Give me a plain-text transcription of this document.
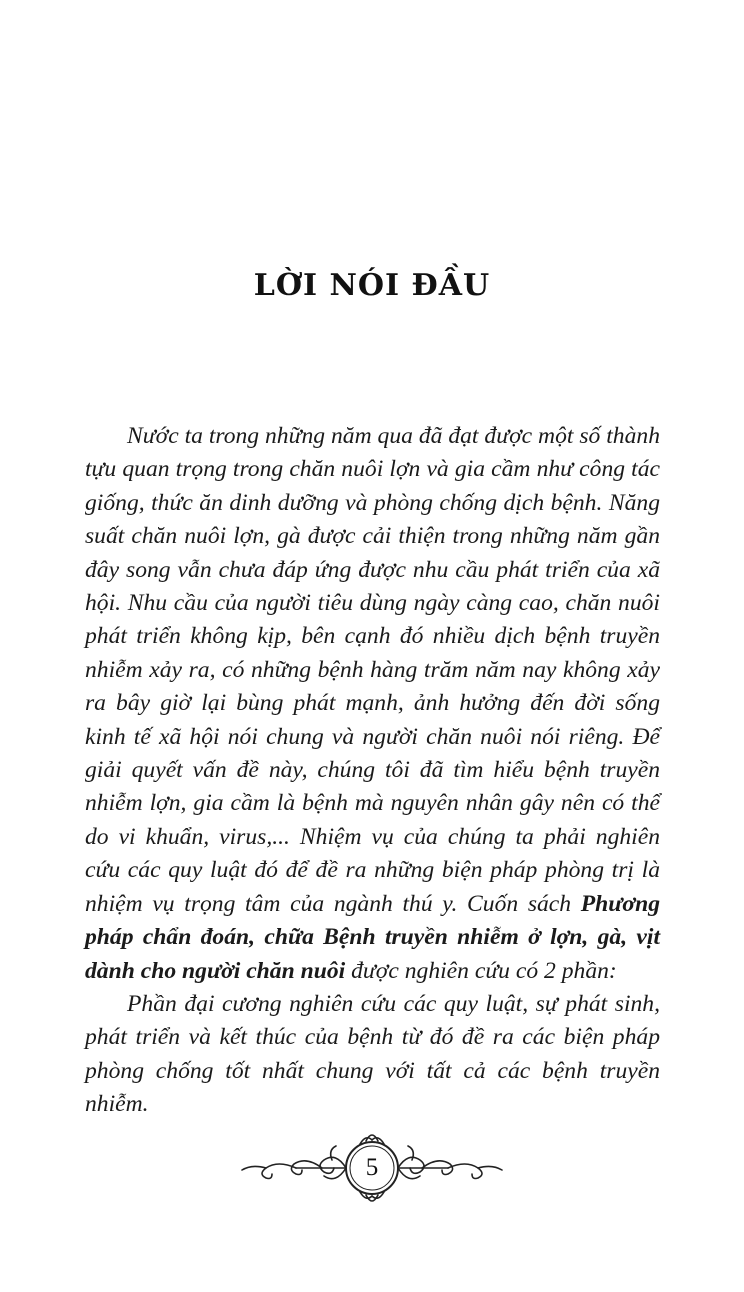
LỜI NÓI ĐẦU

Nước ta trong những năm qua đã đạt được một số thành tựu quan trọng trong chăn nuôi lợn và gia cầm như công tác giống, thức ăn dinh dưỡng và phòng chống dịch bệnh. Năng suất chăn nuôi lợn, gà được cải thiện trong những năm gần đây song vẫn chưa đáp ứng được nhu cầu phát triển của xã hội. Nhu cầu của người tiêu dùng ngày càng cao, chăn nuôi phát triển không kịp, bên cạnh đó nhiều dịch bệnh truyền nhiễm xảy ra, có những bệnh hàng trăm năm nay không xảy ra bây giờ lại bùng phát mạnh, ảnh hưởng đến đời sống kinh tế xã hội nói chung và người chăn nuôi nói riêng. Để giải quyết vấn đề này, chúng tôi đã tìm hiểu bệnh truyền nhiễm lợn, gia cầm là bệnh mà nguyên nhân gây nên có thể do vi khuẩn, virus,... Nhiệm vụ của chúng ta phải nghiên cứu các quy luật đó để đề ra những biện pháp phòng trị là nhiệm vụ trọng tâm của ngành thú y. Cuốn sách Phương pháp chẩn đoán, chữa Bệnh truyền nhiễm ở lợn, gà, vịt dành cho người chăn nuôi được nghiên cứu có 2 phần:

Phần đại cương nghiên cứu các quy luật, sự phát sinh, phát triển và kết thúc của bệnh từ đó đề ra các biện pháp phòng chống tốt nhất chung với tất cả các bệnh truyền nhiễm.

5
